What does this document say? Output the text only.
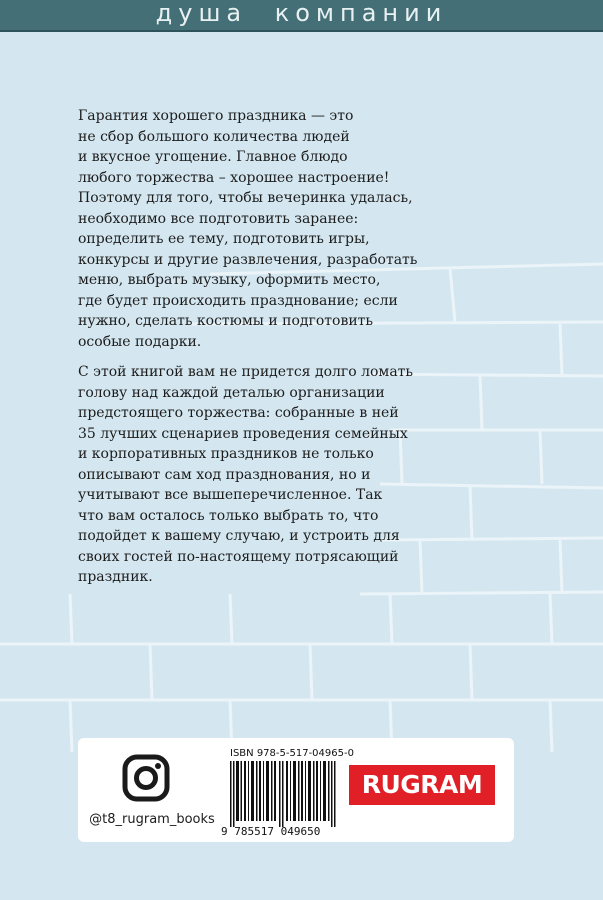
душа компании

Гарантия хорошего праздника — это
не сбор большого количества людей
и вкусное угощение. Главное блюдо
любого торжества – хорошее настроение!
Поэтому для того, чтобы вечеринка удалась,
необходимо все подготовить заранее:
определить ее тему, подготовить игры,
конкурсы и другие развлечения, разработать
меню, выбрать музыку, оформить место,
где будет происходить празднование; если
нужно, сделать костюмы и подготовить
особые подарки.

С этой книгой вам не придется долго ломать
голову над каждой деталью организации
предстоящего торжества: собранные в ней
35 лучших сценариев проведения семейных
и корпоративных праздников не только
описывают сам ход празднования, но и
учитывают все вышеперечисленное. Так
что вам осталось только выбрать то, что
подойдет к вашему случаю, и устроить для
своих гостей по-настоящему потрясающий
праздник.

@t8_rugram_books
ISBN 978-5-517-04965-0
9 785517 049650
RUGRAM
